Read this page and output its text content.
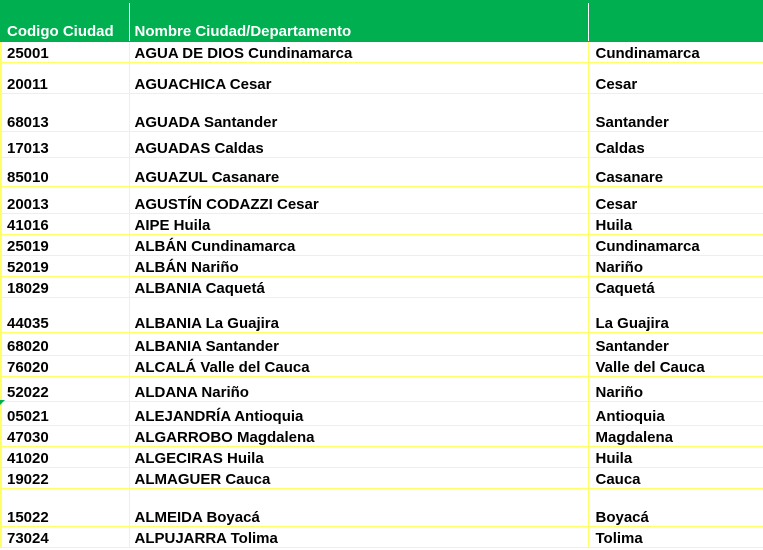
Codigo Ciudad	Nombre Ciudad/Departamento	
25001	AGUA DE DIOS Cundinamarca	Cundinamarca
20011	AGUACHICA Cesar	Cesar
68013	AGUADA Santander	Santander
17013	AGUADAS Caldas	Caldas
85010	AGUAZUL Casanare	Casanare
20013	AGUSTÍN CODAZZI Cesar	Cesar
41016	AIPE Huila	Huila
25019	ALBÁN Cundinamarca	Cundinamarca
52019	ALBÁN Nariño	Nariño
18029	ALBANIA Caquetá	Caquetá
44035	ALBANIA La Guajira	La Guajira
68020	ALBANIA Santander	Santander
76020	ALCALÁ Valle del Cauca	Valle del Cauca
52022	ALDANA Nariño	Nariño
05021	ALEJANDRÍA Antioquia	Antioquia
47030	ALGARROBO Magdalena	Magdalena
41020	ALGECIRAS Huila	Huila
19022	ALMAGUER Cauca	Cauca
15022	ALMEIDA Boyacá	Boyacá
73024	ALPUJARRA Tolima	Tolima
